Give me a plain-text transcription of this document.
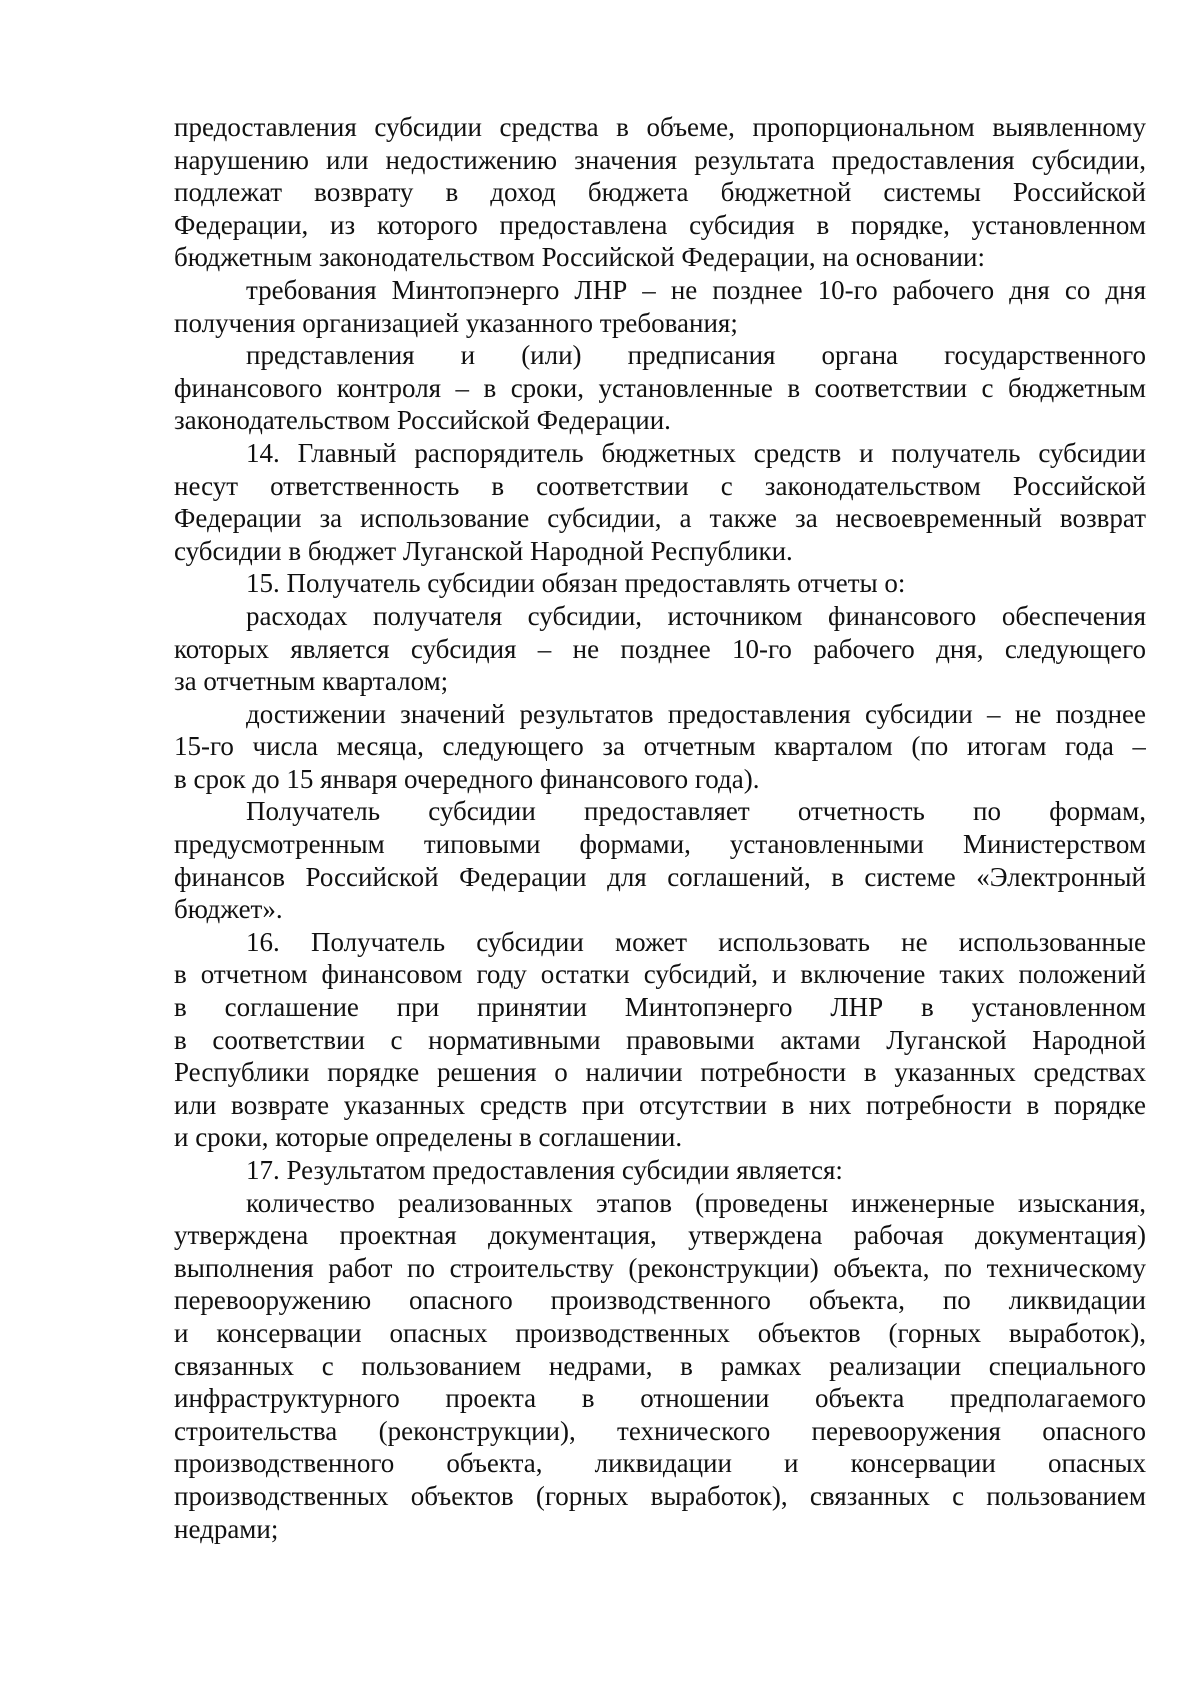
предоставления субсидии средства в объеме, пропорциональном выявленному
нарушению или недостижению значения результата предоставления субсидии,
подлежат возврату в доход бюджета бюджетной системы Российской
Федерации, из которого предоставлена субсидия в порядке, установленном
бюджетным законодательством Российской Федерации, на основании:
требования Минтопэнерго ЛНР – не позднее 10-го рабочего дня со дня
получения организацией указанного требования;
представления и (или) предписания органа государственного
финансового контроля – в сроки, установленные в соответствии с бюджетным
законодательством Российской Федерации.
14. Главный распорядитель бюджетных средств и получатель субсидии
несут ответственность в соответствии с законодательством Российской
Федерации за использование субсидии, а также за несвоевременный возврат
субсидии в бюджет Луганской Народной Республики.
15. Получатель субсидии обязан предоставлять отчеты о:
расходах получателя субсидии, источником финансового обеспечения
которых является субсидия – не позднее 10-го рабочего дня, следующего
за отчетным кварталом;
достижении значений результатов предоставления субсидии – не позднее
15-го числа месяца, следующего за отчетным кварталом (по итогам года –
в срок до 15 января очередного финансового года).
Получатель субсидии предоставляет отчетность по формам,
предусмотренным типовыми формами, установленными Министерством
финансов Российской Федерации для соглашений, в системе «Электронный
бюджет».
16. Получатель субсидии может использовать не использованные
в отчетном финансовом году остатки субсидий, и включение таких положений
в соглашение при принятии Минтопэнерго ЛНР в установленном
в соответствии с нормативными правовыми актами Луганской Народной
Республики порядке решения о наличии потребности в указанных средствах
или возврате указанных средств при отсутствии в них потребности в порядке
и сроки, которые определены в соглашении.
17. Результатом предоставления субсидии является:
количество реализованных этапов (проведены инженерные изыскания,
утверждена проектная документация, утверждена рабочая документация)
выполнения работ по строительству (реконструкции) объекта, по техническому
перевооружению опасного производственного объекта, по ликвидации
и консервации опасных производственных объектов (горных выработок),
связанных с пользованием недрами, в рамках реализации специального
инфраструктурного проекта в отношении объекта предполагаемого
строительства (реконструкции), технического перевооружения опасного
производственного объекта, ликвидации и консервации опасных
производственных объектов (горных выработок), связанных с пользованием
недрами;
